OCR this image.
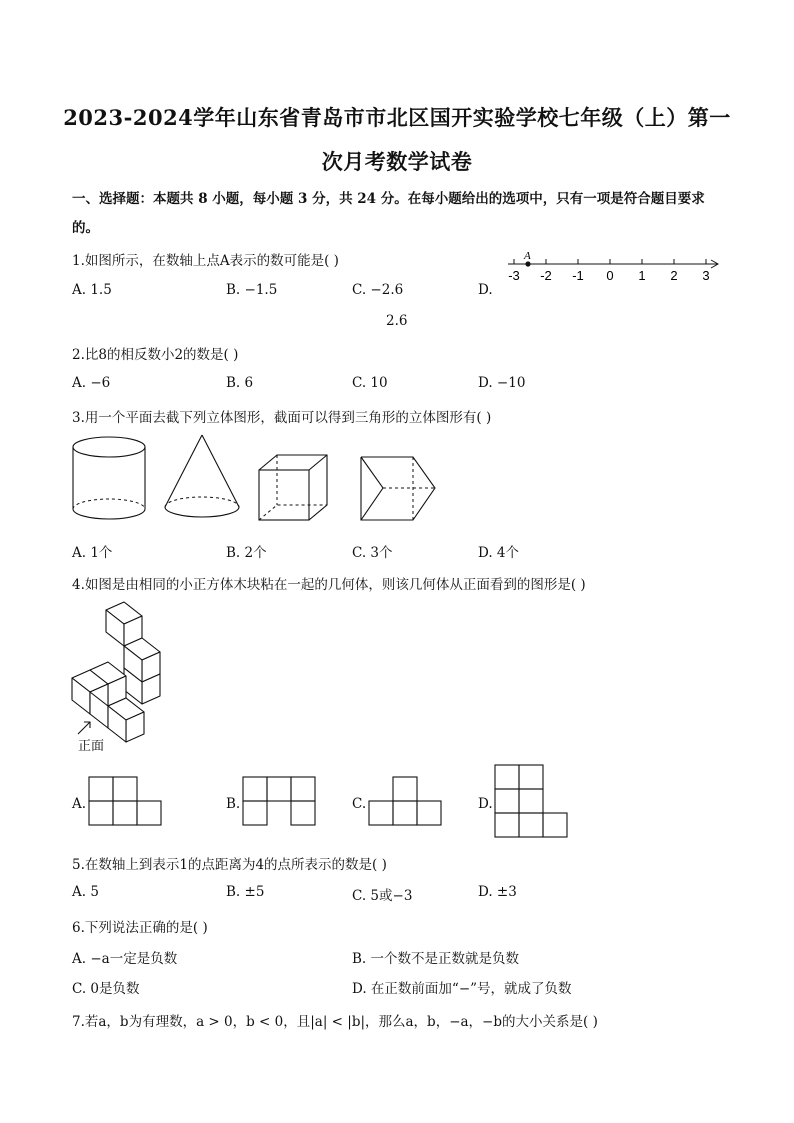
2023-2024学年山东省青岛市市北区国开实验学校七年级（上）第一
次月考数学试卷
一、选择题：本题共 8 小题，每小题 3 分，共 24 分。在每小题给出的选项中，只有一项是符合题目要求
的。
1.如图所示，在数轴上点A表示的数可能是( )	A
-3 -2 -1 0 1 2 3
A. 1.5	B. −1.5	C. −2.6	D.
2.6
2.比8的相反数小2的数是( )
A. −6	B. 6	C. 10	D. −10
3.用一个平面去截下列立体图形，截面可以得到三角形的立体图形有( )
A. 1个	B. 2个	C. 3个	D. 4个
4.如图是由相同的小正方体木块粘在一起的几何体，则该几何体从正面看到的图形是( )
正面
A.	B.	C.	D.
5.在数轴上到表示1的点距离为4的点所表示的数是( )
A. 5	B. ±5	C. 5或−3	D. ±3
6.下列说法正确的是( )
A. −a一定是负数	B. 一个数不是正数就是负数
C. 0是负数	D. 在正数前面加“−”号，就成了负数
7.若a，b为有理数，a > 0，b < 0，且|a| < |b|，那么a，b，−a，−b的大小关系是( )
